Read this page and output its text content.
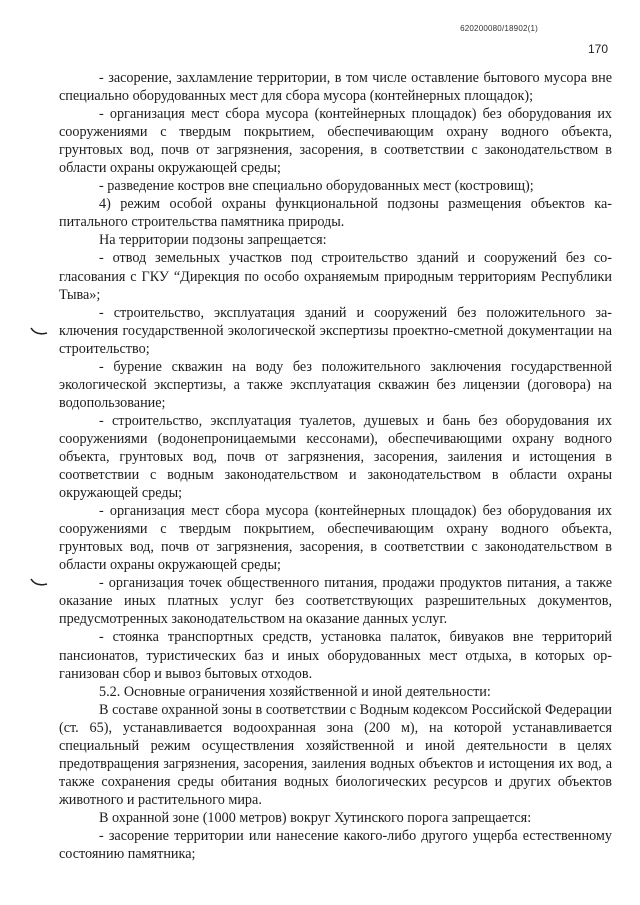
620200080/18902(1)
170

- засорение, захламление территории, в том числе оставление бытового мусора вне специально оборудованных мест для сбора мусора (контейнерных площадок);

- организация мест сбора мусора (контейнерных площадок) без оборудования их сооружениями с твердым покрытием, обеспечивающим охрану водного объекта, грунтовых вод, почв от загрязнения, засорения, в соответствии с законодательством в области охраны окружающей среды;

- разведение костров вне специально оборудованных мест (костровищ);

4) режим особой охраны функциональной подзоны размещения объектов капитального строительства памятника природы.

На территории подзоны запрещается:

- отвод земельных участков под строительство зданий и сооружений без согласования с ГКУ “Дирекция по особо охраняемым природным территориям Республики Тыва»;

- строительство, эксплуатация зданий и сооружений без положительного заключения государственной экологической экспертизы проектно-сметной документации на строительство;

- бурение скважин на воду без положительного заключения государственной экологической экспертизы, а также эксплуатация скважин без лицензии (договора) на водопользование;

- строительство, эксплуатация туалетов, душевых и бань без оборудования их сооружениями (водонепроницаемыми кессонами), обеспечивающими охрану водного объекта, грунтовых вод, почв от загрязнения, засорения, заиления и истощения в соответствии с водным законодательством и законодательством в области охраны окружающей среды;

- организация мест сбора мусора (контейнерных площадок) без оборудования их сооружениями с твердым покрытием, обеспечивающим охрану водного объекта, грунтовых вод, почв от загрязнения, засорения, в соответствии с законодательством в области охраны окружающей среды;

- организация точек общественного питания, продажи продуктов питания, а также оказание иных платных услуг без соответствующих разрешительных документов, предусмотренных законодательством на оказание данных услуг.

- стоянка транспортных средств, установка палаток, бивуаков вне территорий пансионатов, туристических баз и иных оборудованных мест отдыха, в которых организован сбор и вывоз бытовых отходов.

5.2. Основные ограничения хозяйственной и иной деятельности:

В составе охранной зоны в соответствии с Водным кодексом Российской Федерации (ст. 65), устанавливается водоохранная зона (200 м), на которой устанавливается специальный режим осуществления хозяйственной и иной деятельности в целях предотвращения загрязнения, засорения, заиления водных объектов и истощения их вод, а также сохранения среды обитания водных биологических ресурсов и других объектов животного и растительного мира.

В охранной зоне (1000 метров) вокруг Хутинского порога запрещается:

- засорение территории или нанесение какого-либо другого ущерба естественному состоянию памятника;
